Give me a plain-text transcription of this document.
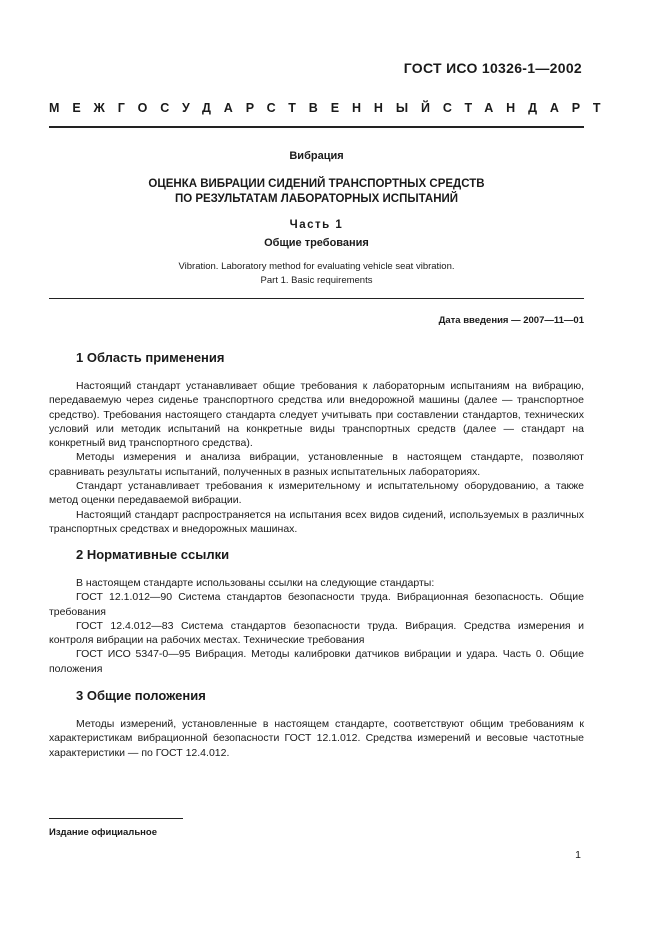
ГОСТ ИСО 10326-1—2002
МЕЖГОСУДАРСТВЕННЫЙ СТАНДАРТ
Вибрация
ОЦЕНКА ВИБРАЦИИ СИДЕНИЙ ТРАНСПОРТНЫХ СРЕДСТВ
ПО РЕЗУЛЬТАТАМ ЛАБОРАТОРНЫХ ИСПЫТАНИЙ
Часть 1
Общие требования
Vibration. Laboratory method for evaluating vehicle seat vibration.
Part 1. Basic requirements
Дата введения — 2007—11—01
1 Область применения

Настоящий стандарт устанавливает общие требования к лабораторным испытаниям на вибрацию, передаваемую через сиденье транспортного средства или внедорожной машины (далее — транспортное средство). Требования настоящего стандарта следует учитывать при составлении стандартов, технических условий или методик испытаний на конкретные виды транспортных средств (далее — стандарт на конкретный вид транспортного средства).

Методы измерения и анализа вибрации, установленные в настоящем стандарте, позволяют сравнивать результаты испытаний, полученных в разных испытательных лабораториях.

Стандарт устанавливает требования к измерительному и испытательному оборудованию, а также метод оценки передаваемой вибрации.

Настоящий стандарт распространяется на испытания всех видов сидений, используемых в различных транспортных средствах и внедорожных машинах.

2 Нормативные ссылки

В настоящем стандарте использованы ссылки на следующие стандарты:

ГОСТ 12.1.012—90 Система стандартов безопасности труда. Вибрационная безопасность. Общие требования

ГОСТ 12.4.012—83 Система стандартов безопасности труда. Вибрация. Средства измерения и контроля вибрации на рабочих местах. Технические требования

ГОСТ ИСО 5347-0—95 Вибрация. Методы калибровки датчиков вибрации и удара. Часть 0. Общие положения

3 Общие положения

Методы измерений, установленные в настоящем стандарте, соответствуют общим требованиям к характеристикам вибрационной безопасности ГОСТ 12.1.012. Средства измерений и весовые частотные характеристики — по ГОСТ 12.4.012.

Издание официальное
1
